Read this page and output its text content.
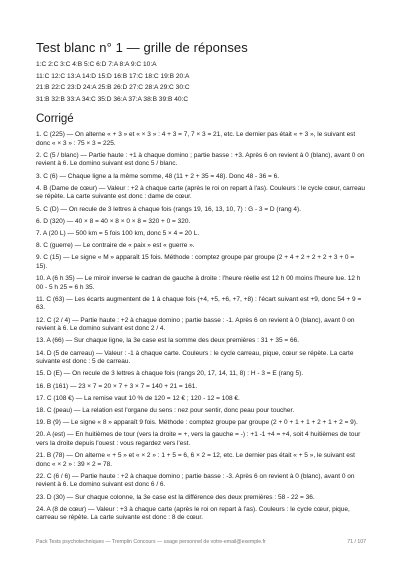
Test blanc n° 1 — grille de réponses

1:C 2:C 3:C 4:B 5:C 6:D 7:A 8:A 9:C 10:A

11:C 12:C 13:A 14:D 15:D 16:B 17:C 18:C 19:B 20:A

21:B 22:C 23:D 24:A 25:B 26:D 27:C 28:A 29:C 30:C

31:B 32:B 33:A 34:C 35:D 36:A 37:A 38:B 39:B 40:C

Corrigé

1. C (225) — On alterne « + 3 » et « × 3 » : 4 + 3 = 7, 7 × 3 = 21, etc. Le dernier pas était « + 3 », le suivant est donc « × 3 » : 75 × 3 = 225.

2. C (5 / blanc) — Partie haute : +1 à chaque domino ; partie basse : +3. Après 6 on revient à 0 (blanc), avant 0 on revient à 6. Le domino suivant est donc 5 / blanc.

3. C (6) — Chaque ligne a la même somme, 48 (11 + 2 + 35 = 48). Donc 48 - 36 = 6.

4. B (Dame de cœur) — Valeur : +2 à chaque carte (après le roi on repart à l'as). Couleurs : le cycle cœur, carreau se répète. La carte suivante est donc : dame de cœur.

5. C (D) — On recule de 3 lettres à chaque fois (rangs 19, 16, 13, 10, 7) : G - 3 = D (rang 4).

6. D (320) — 40 × 8 = 40 × 8 × 0 × 8 = 320 + 0 = 320.

7. A (20 L) — 500 km = 5 fois 100 km, donc 5 × 4 = 20 L.

8. C (guerre) — Le contraire de « paix » est « guerre ».

9. C (15) — Le signe « M » apparaît 15 fois. Méthode : comptez groupe par groupe (2 + 4 + 2 + 2 + 2 + 3 + 0 = 15).

10. A (6 h 35) — Le miroir inverse le cadran de gauche à droite : l'heure réelle est 12 h 00 moins l'heure lue. 12 h 00 - 5 h 25 = 6 h 35.

11. C (63) — Les écarts augmentent de 1 à chaque fois (+4, +5, +6, +7, +8) : l'écart suivant est +9, donc 54 + 9 = 63.

12. C (2 / 4) — Partie haute : +2 à chaque domino ; partie basse : -1. Après 6 on revient à 0 (blanc), avant 0 on revient à 6. Le domino suivant est donc 2 / 4.

13. A (66) — Sur chaque ligne, la 3e case est la somme des deux premières : 31 + 35 = 66.

14. D (5 de carreau) — Valeur : -1 à chaque carte. Couleurs : le cycle carreau, pique, cœur se répète. La carte suivante est donc : 5 de carreau.

15. D (E) — On recule de 3 lettres à chaque fois (rangs 20, 17, 14, 11, 8) : H - 3 = E (rang 5).

16. B (161) — 23 × 7 = 20 × 7 + 3 × 7 = 140 + 21 = 161.

17. C (108 €) — La remise vaut 10 % de 120 = 12 € ; 120 - 12 = 108 €.

18. C (peau) — La relation est l'organe du sens : nez pour sentir, donc peau pour toucher.

19. B (9) — Le signe « 8 » apparaît 9 fois. Méthode : comptez groupe par groupe (2 + 0 + 1 + 1 + 2 + 1 + 2 = 9).

20. A (est) — En huitièmes de tour (vers la droite = +, vers la gauche = -) : +1 -1 +4 = +4, soit 4 huitièmes de tour vers la droite depuis l'ouest : vous regardez vers l'est.

21. B (78) — On alterne « + 5 » et « × 2 » : 1 + 5 = 6, 6 × 2 = 12, etc. Le dernier pas était « + 5 », le suivant est donc « × 2 » : 39 × 2 = 78.

22. C (6 / 6) — Partie haute : +2 à chaque domino ; partie basse : -3. Après 6 on revient à 0 (blanc), avant 0 on revient à 6. Le domino suivant est donc 6 / 6.

23. D (30) — Sur chaque colonne, la 3e case est la différence des deux premières : 58 - 22 = 36.

24. A (8 de cœur) — Valeur : +3 à chaque carte (après le roi on repart à l'as). Couleurs : le cycle cœur, pique, carreau se répète. La carte suivante est donc : 8 de cœur.

Pack Tests psychotechniques — Tremplin Concours — usage personnel de votre-email@exemple.fr	71 / 107
